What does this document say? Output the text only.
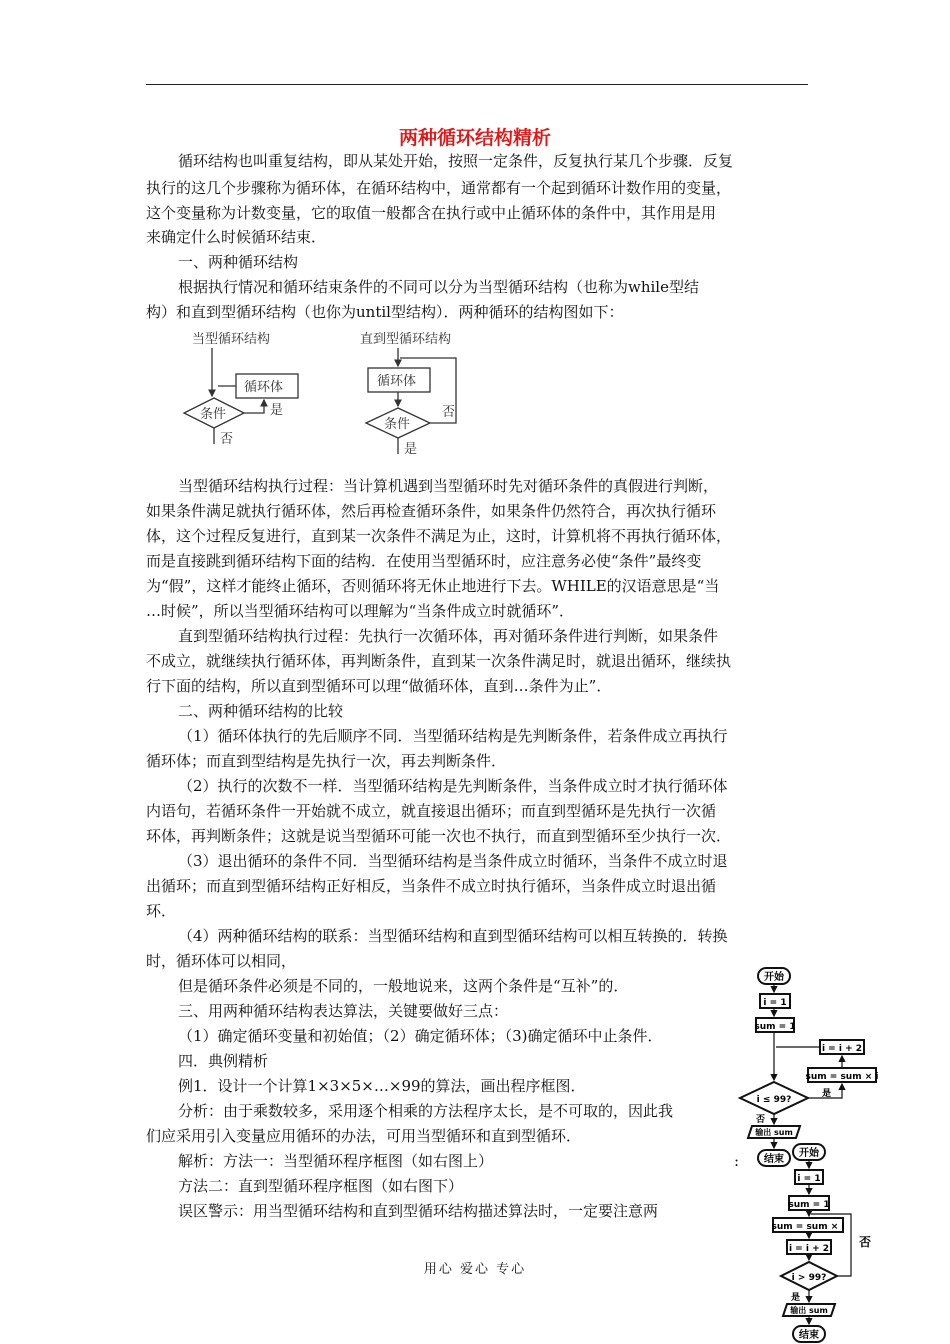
两种循环结构精析
循环结构也叫重复结构，即从某处开始，按照一定条件，反复执行某几个步骤．反复
执行的这几个步骤称为循环体，在循环结构中，通常都有一个起到循环计数作用的变量，
这个变量称为计数变量，它的取值一般都含在执行或中止循环体的条件中，其作用是用
来确定什么时候循环结束．
一、两种循环结构
根据执行情况和循环结束条件的不同可以分为当型循环结构（也称为while型结
构）和直到型循环结构（也你为until型结构）．两种循环的结构图如下：
当型循环结构
循环体
条件	是
否
直到型循环结构
循环体
条件
否
是
当型循环结构执行过程：当计算机遇到当型循环时先对循环条件的真假进行判断，
如果条件满足就执行循环体，然后再检查循环条件，如果条件仍然符合，再次执行循环
体，这个过程反复进行，直到某一次条件不满足为止，这时，计算机将不再执行循环体，
而是直接跳到循环结构下面的结构．在使用当型循环时，应注意务必使“条件”最终变
为“假”，这样才能终止循环，否则循环将无休止地进行下去。WHILE的汉语意思是“当
…时候”，所以当型循环结构可以理解为“当条件成立时就循环”．
直到型循环结构执行过程：先执行一次循环体，再对循环条件进行判断，如果条件
不成立，就继续执行循环体，再判断条件，直到某一次条件满足时，就退出循环，继续执
行下面的结构，所以直到型循环可以理“做循环体，直到…条件为止”．
二、两种循环结构的比较
（1）循环体执行的先后顺序不同．当型循环结构是先判断条件，若条件成立再执行
循环体；而直到型结构是先执行一次，再去判断条件．
（2）执行的次数不一样．当型循环结构是先判断条件，当条件成立时才执行循环体
内语句，若循环条件一开始就不成立，就直接退出循环；而直到型循环是先执行一次循
环体，再判断条件；这就是说当型循环可能一次也不执行，而直到型循环至少执行一次．
（3）退出循环的条件不同．当型循环结构是当条件成立时循环，当条件不成立时退
出循环；而直到型循环结构正好相反，当条件不成立时执行循环，当条件成立时退出循
环．
（4）两种循环结构的联系：当型循环结构和直到型循环结构可以相互转换的．转换
时，循环体可以相同，
但是循环条件必须是不同的，一般地说来，这两个条件是“互补”的．
三、用两种循环结构表达算法，关键要做好三点：
（1）确定循环变量和初始值；（2）确定循环体；（3)确定循环中止条件．
四．典例精析
例1．设计一个计算1×3×5×…×99的算法，画出程序框图．
分析：由于乘数较多，采用逐个相乘的方法程序太长，是不可取的，因此我
们应采用引入变量应用循环的办法，可用当型循环和直到型循环．
解析：方法一：当型循环程序框图（如右图上）
方法二：直到型循环程序框图（如右图下）
误区警示：用当型循环结构和直到型循环结构描述算法时，一定要注意两
:
开始
i = 1
sum = 1
i = i + 2
sum = sum × i
i ≤ 99?
是
否
输出 sum
结束
开始
i = 1
sum = 1
sum = sum × i
i = i + 2
i > 99?
否
是
输出 sum
结束
用心 爱心 专心
